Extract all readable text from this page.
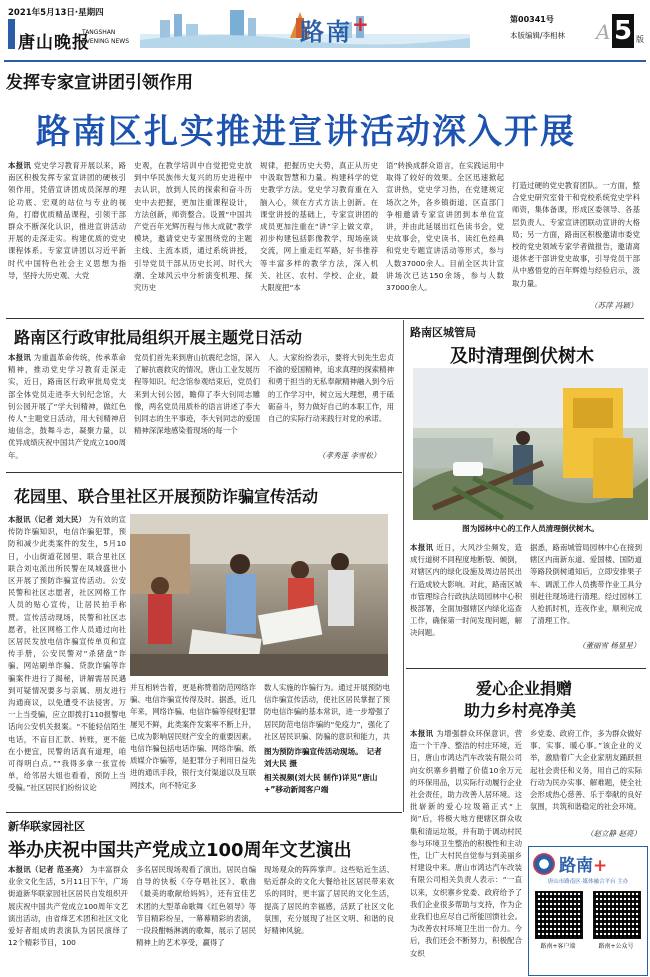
2021年5月13日·星期四
唐山晚报
TANGSHAN
EVENING NEWS	路南+	第00341号
本版编辑/李相林 A 5 版
发挥专家宣讲团引领作用
路南区扎实推进宣讲活动深入开展
本报讯 党史学习教育开展以来，路南区积极发挥专家宣讲团的硬核引领作用，凭借宣讲团成员深厚的理论功底、宏观的站位与专业的视角，打磨优质精品课程，引领干部群众不断深化认识，推进宣讲活动开展的走深走实。构建优质的党史课程体系。专家宣讲团以习近平新时代中国特色社会主义思想为指导，坚持大历史观、大党
史观，在教学培训中自觉把党史放到中华民族伟大复兴的历史进程中去认识，放到人民的探索和奋斗历史中去把握，更加注重课程设计，方法创新，师资整合。设置“中国共产党百年光辉历程与伟大成就”教学模块，邀请党史专家围绕党的主题主线、主流本质，通过系统讲授，引导党员干部从历史长河、时代大潮、全球风云中分析演变机理、探究历史
规律，把握历史大势，真正从历史中汲取智慧和力量。构建科学的党史教学方法。党史学习教育重在入脑入心，须在方式方法上创新。在课堂讲授的基础上，专家宣讲团的成员更加注重在“讲”字上做文章，初步构建包括影像教学、现场座谈交流，网上重走红军路，好书推荐等丰富多样的教学方法，深入机关、社区、农村、学校、企业，最大限度把“本
语”转换成群众语言，在实践运用中取得了较好的效果。全区迅速掀起宣讲热，党史学习热，在党建规定场次之外，各乡镇街道、区直部门争相邀请专家宣讲团到本单位宣讲，并由此延展出红色读书会，党史故事会，党史读书、读红色经典和党史专题宣讲活动等形式，参与人数37000余人。目前全区共计宣讲场次已达150余场，参与人数37000余人。
打造过硬的党史教育团队。一方面，整合党史研究室骨干和党校系统党史学科师资，集体备课，形成区委领导、各基层负责人、专家宣讲团联动宣讲的大格局；另一方面，路南区积极邀请市委党校的党史领域专家学者做报告，邀请离退休老干部讲党史故事，引导党员干部从中感悟党的百年辉煌与经验启示，汲取力量。
（苏萍 冯颖）
路南区行政审批局组织开展主题党日活动
本报讯 为重温革命传统，传承革命精神，推动党史学习教育走深走实，近日，路南区行政审批局党支部全体党员走进李大钊纪念馆，大钊公园开展了“学大钊精神，做红色传人”主题党日活动，用大钊精神启迪信念，鼓舞斗志，凝聚力量，以优异成绩庆祝中国共产党成立100周年。
党员们首先来到唐山抗震纪念馆，深入了解抗震救灾的情况，唐山工业发展历程等知识。纪念馆参观结束后，党员们来到大钊公园，瞻仰了李大钊同志雕像，两名党员用质朴的语言讲述了李大钊同志的生平事迹，李大钊同志的爱国精神深深地感染着现场的每一个
人。大家纷纷表示，要将大钊先生忠贞不渝的爱国精神，追求真理的探索精神和勇于担当的无私奉献精神融入到今后的工作学习中，树立远大理想，勇于砥砺奋斗，努力做好自己的本职工作，用自己的实际行动来践行对党的承诺。
（孝秀莲 李雪松）
花园里、联合里社区开展预防诈骗宣传活动
本报讯（记者 刘大民） 为有效的宣传防诈骗知识，电信诈骗犯罪，预防和减少此类案件的发生，5月10日，小山街道花园里、联合里社区联合刘屯派出所民警在凤城盛世小区开展了预防诈骗宣传活动。公安民警和社区志愿者，社区网格工作人员的贴心宣传，让居民拍手称赞。宣传活动现场，民警和社区志愿者，社区网格工作人员通过向社区居民发放电信诈骗宣传单页和宣传手册，公安民警对“杀猪盘”诈骗、网站刷单诈骗、贷款诈骗等诈骗案件进行了揭秘，讲解需居民遇到可疑情况要多与亲属、朋友进行沟通商议，以免遭受不法侵害。万一上当受骗，应立即拨打110报警电话向公安机关报案。“不能轻信陌生电话，不盲目汇款、转账，更不能在小便宜，民警的话真有道理，咱可得明白点。”“我得多拿一张宣传单，给邻居大姐也看看，预防上当受骗。”社区居民们纷纷议论
并互相转告着，更是称赞着防范网络诈骗、电信诈骗宣传得及时。据悉，近几年来，网络诈骗、电信诈骗等侵财犯罪屡见不鲜，此类案件发案率不断上升，已成为影响居民财产安全的重要因素。电信诈骗包括电话诈骗、网络诈骗、纸质媒介诈骗等，是犯罪分子利用日益先进的通讯手段，银行支付渠道以及互联网技术，向不特定多
数人实施的诈骗行为。通过开展预防电信诈骗宣传活动，使社区居民掌握了预防电信诈骗的基本常识，进一步增强了居民防范电信诈骗的“免疫力”，强化了社区居民识骗、防骗的意识和能力，共
图为预防诈骗宣传活动现场。　记者 刘大民 摄
相关视频(刘大民 制作)详见“唐山+”移动新闻客户端
新华联家园社区
举办庆祝中国共产党成立100周年文艺演出
本报讯（记者 范圣亮） 为丰富群众业余文化生活，5月11日下午，广场街道新华联家园社区居民自发组织开展庆祝中国共产党成立100周年文艺演出活动，由省烽艺术团和社区文化爱好者组成的表演队为居民演绎了12个精彩节目，100
多名居民现场观看了演出。居民自编自导的快板《夺夺唱社区》、歌曲《最美的歌献给妈妈》，还有宜佳艺术团的大型革命歌舞《红色领导》等节目精彩纷呈，一幕幕精彩的表演，一段段酣畅淋漓的歌舞，展示了居民精神上的艺术享受，赢得了
现场观众的阵阵掌声。这些贴近生活、贴近群众的文化大餐给社区居民带来欢乐的同时，更丰富了居民的文化生活，提高了居民的幸福感，活跃了社区文化氛围，充分展现了社区文明、和谐的良好精神风貌。
路南区城管局
及时清理倒伏树木
图为园林中心的工作人员清理倒伏树木。
本报讯 近日，大风沙尘频发，造成行道树不同程度地断裂、倾倒，对辖区内的绿化设施及周边居民出行造成较大影响。对此，路南区城市管理综合行政执法局园林中心积极部署，全面加强辖区内绿化巡查工作，确保第一时间发现问题，解决问题。
据悉，路南城管局园林中心在接到辖区内南新东道、爱国楼、国防道等路段倒树通知后，立即安排果子车、调派工作人员携带作业工具分别赶往现场进行清理。经过园林工人抢抓时机，连夜作业，顺利完成了清理工作。
（董丽雪 杨显星）
爱心企业捐赠
助力乡村亮净美
本报讯 为增强群众环保意识，营造一个干净、整洁的村庄环境，近日，唐山市鸿达汽车改装有限公司向女织寨乡捐赠了价值10余万元的环保用品，以实际行动履行企业社会责任，助力改善人居环境。这批崭新的爱心垃圾箱正式“上岗”后，将极大地方便辖区群众收集和清运垃圾，并有助于调动村民参与环境卫生整治的积极性和主动性，让广大村民自觉参与到美丽乡村建设中来。唐山市鸿达汽车改装有限公司相关负责人表示：“一直以来，女织寨乡党委、政府给予了我们企业很多帮助与支持，作为企业我们也应尽自己所能回馈社会。为改善农村环境卫生出一份力。今后，我们还会不断努力，积极配合女织
乡党委、政府工作，多为群众做好事、实事、暖心事。”该企业的义举，激励着广大企业家朋友踊跃担起社会责任和义务，用自己的实际行动为民办实事、解难题，使全社会形成热心慈善、乐于奉献的良好氛围，共筑和谐稳定的社会环境。
（赵立静 赵亮）
路南+
唐山市路南区·媒体融合平台 主办
路南+客户端	路南+公众号
